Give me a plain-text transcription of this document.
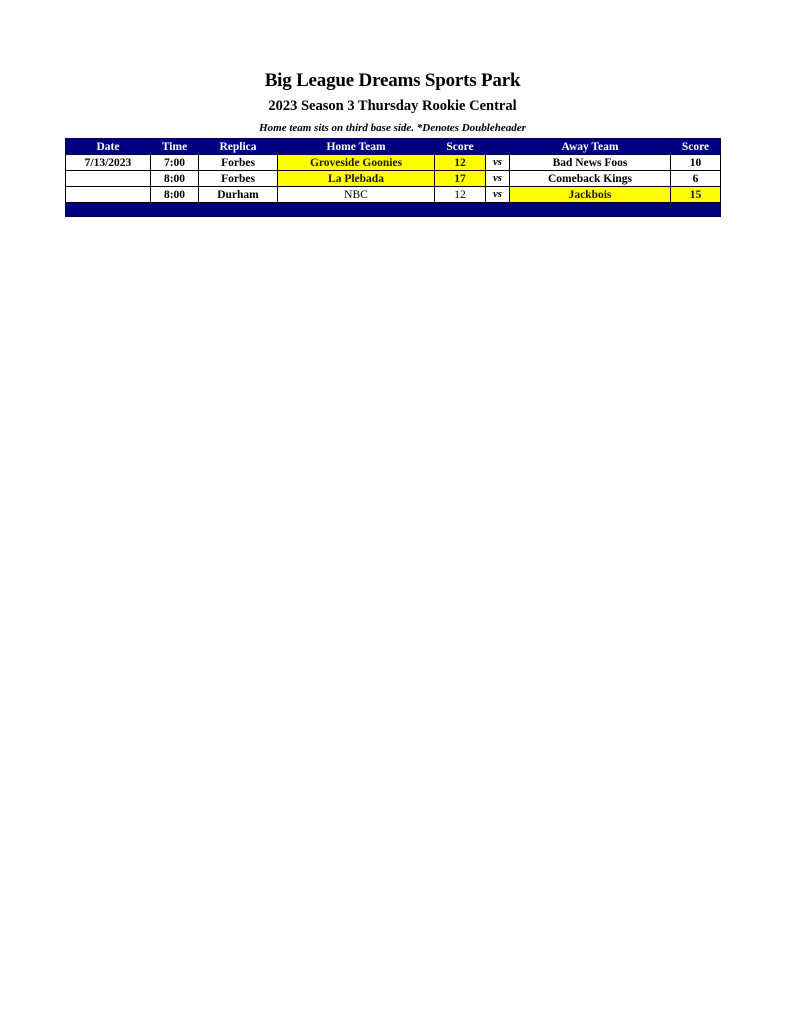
Big League Dreams Sports Park
2023 Season 3 Thursday Rookie Central
Home team sits on third base side. *Denotes Doubleheader
Date	Time	Replica	Home Team	Score		Away Team	Score
7/13/2023	7:00	Forbes	Groveside Goonies	12	vs	Bad News Foos	10
	8:00	Forbes	La Plebada	17	vs	Comeback Kings	6
	8:00	Durham	NBC	12	vs	Jackbois	15
